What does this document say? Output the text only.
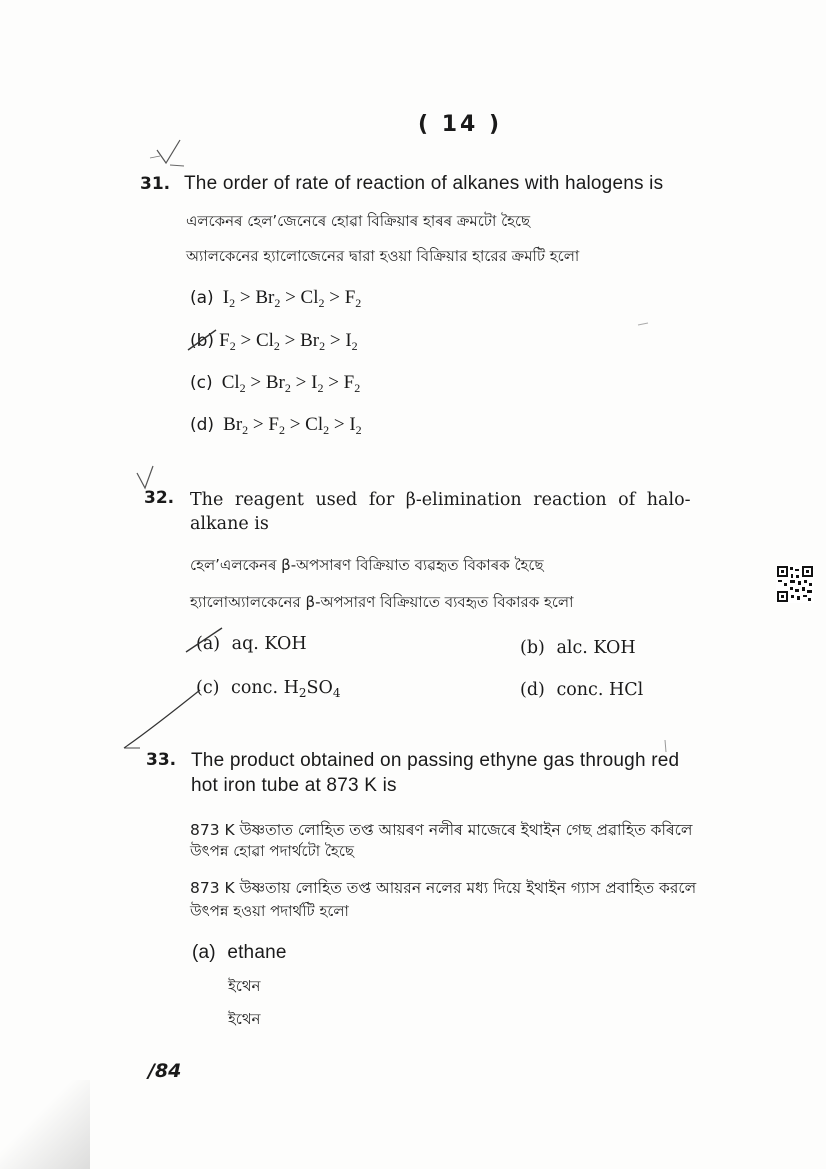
( 14 )
31. The order of rate of reaction of alkanes with halogens is
এলকেনৰ হেল’জেনেৰে হোৱা বিক্ৰিয়াৰ হাৰৰ ক্ৰমটো হৈছে
অ্যালকেনের হ্যালোজেনের দ্বারা হওয়া বিক্রিয়ার হারের ক্রমটি হলো
(a) $I_2 > Br_2 > Cl_2 > F_2$
(b) $F_2 > Cl_2 > Br_2 > I_2$
(c) $Cl_2 > Br_2 > I_2 > F_2$
(d) $Br_2 > F_2 > Cl_2 > I_2$
32. The reagent used for β-elimination reaction of halo-
alkane is
হেল’এলকেনৰ β-অপসাৰণ বিক্ৰিয়াত ব্যৱহৃত বিকাৰক হৈছে
হ্যালোঅ্যালকেনের β-অপসারণ বিক্রিয়াতে ব্যবহৃত বিকারক হলো
(a) aq. KOH	(b) alc. KOH
(c) conc. $H_2SO_4$	(d) conc. HCl
33. The product obtained on passing ethyne gas through red
hot iron tube at 873 K is
873 K উষ্ণতাত লোহিত তপ্ত আয়ৰণ নলীৰ মাজেৰে ইথাইন গেছ প্ৰৱাহিত কৰিলে
উৎপন্ন হোৱা পদাৰ্থটো হৈছে
873 K উষ্ণতায় লোহিত তপ্ত আয়রন নলের মধ্য দিয়ে ইথাইন গ্যাস প্রবাহিত করলে
উৎপন্ন হওয়া পদার্থটি হলো
(a) ethane
ইথেন
ইথেন
/84
